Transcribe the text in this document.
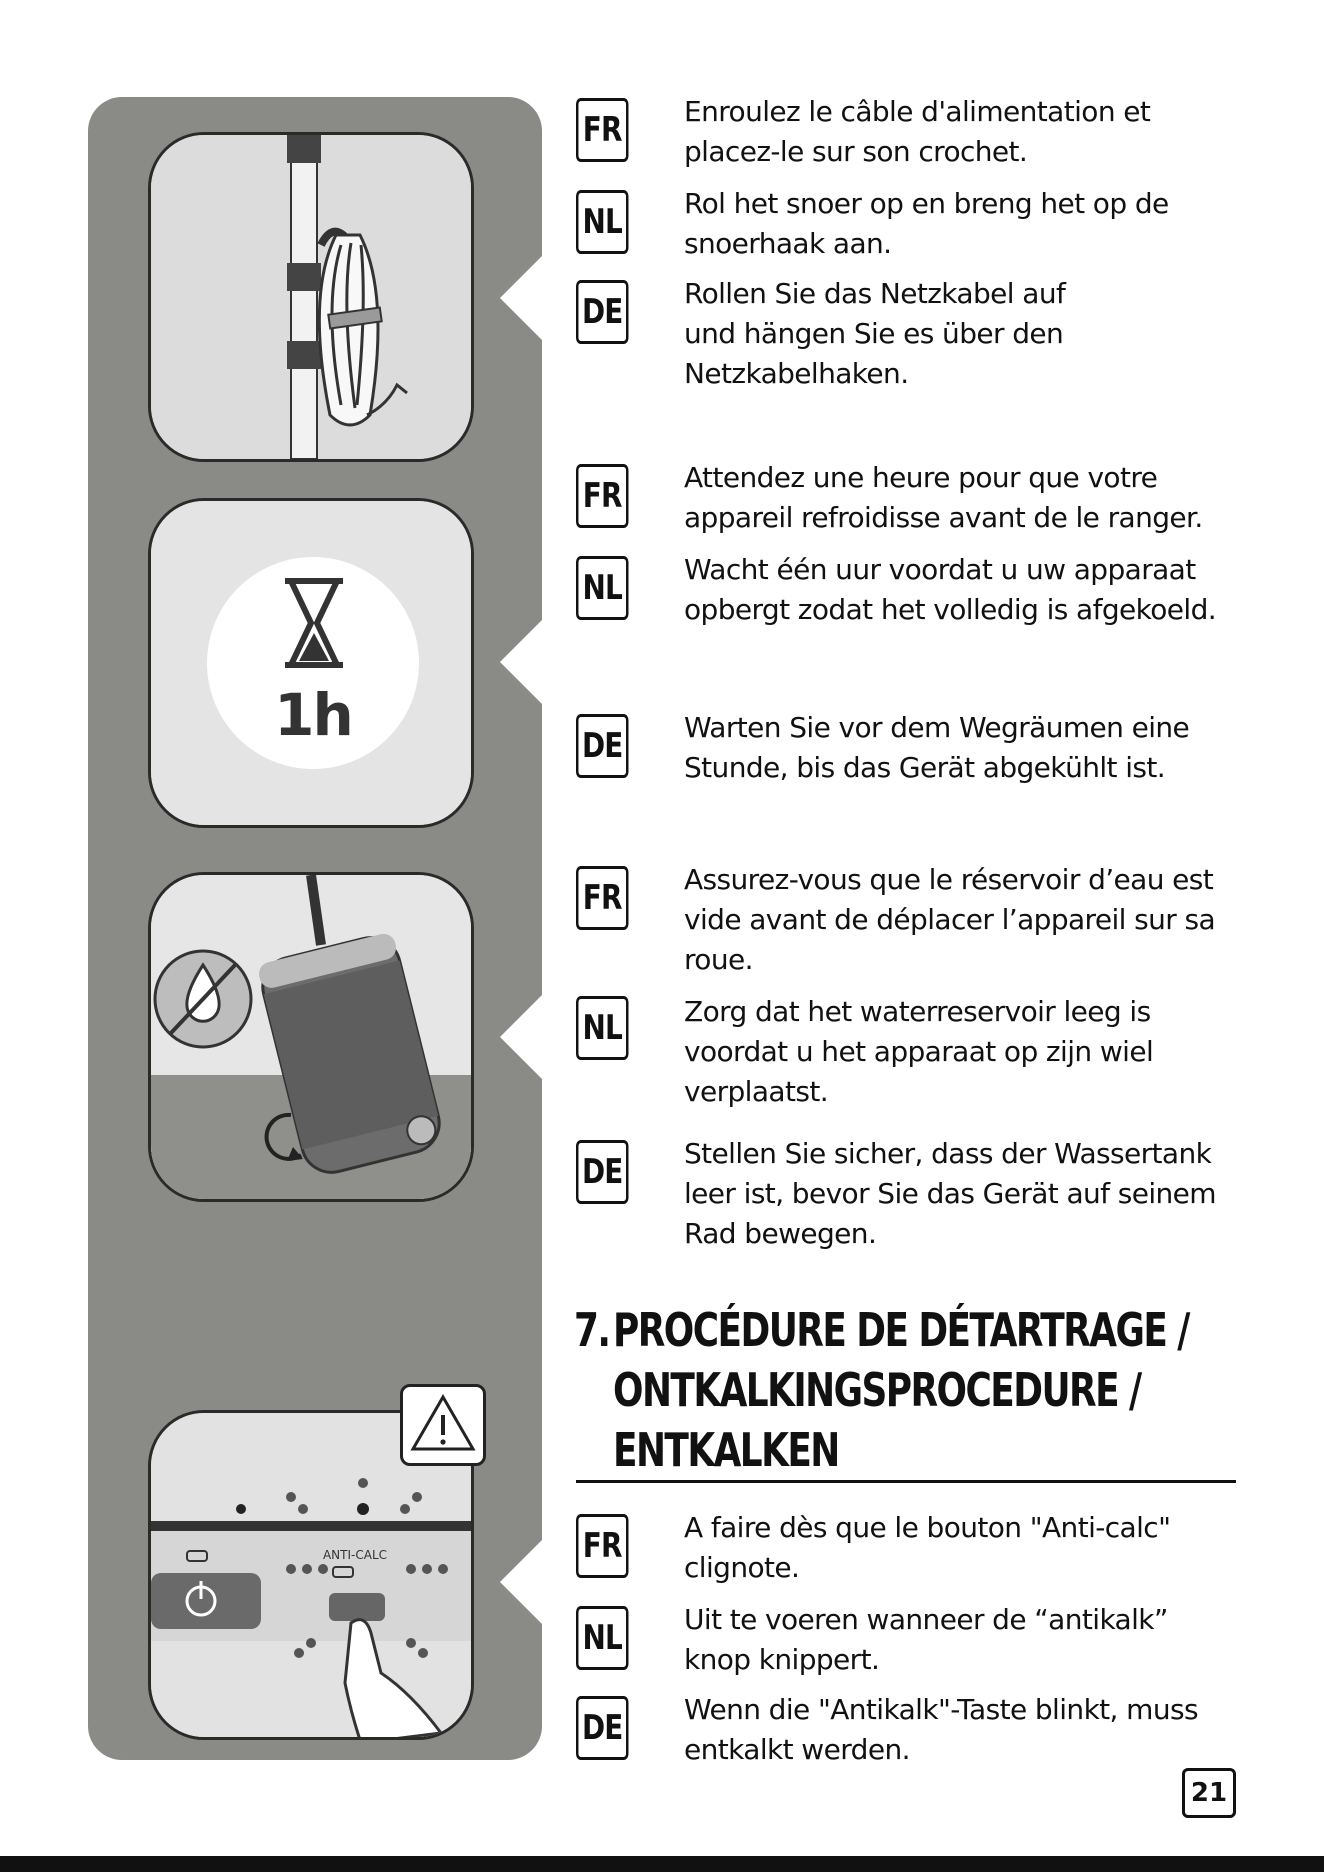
1h
ANTI-CALC
FR Enroulez le câble d'alimentation et placez-le sur son crochet.
NL Rol het snoer op en breng het op de snoerhaak aan.
DE Rollen Sie das Netzkabel auf und hängen Sie es über den Netzkabelhaken.
FR Attendez une heure pour que votre appareil refroidisse avant de le ranger.
NL Wacht één uur voordat u uw apparaat opbergt zodat het volledig is afgekoeld.
DE Warten Sie vor dem Wegräumen eine Stunde, bis das Gerät abgekühlt ist.
FR Assurez-vous que le réservoir d’eau est vide avant de déplacer l’appareil sur sa roue.
NL Zorg dat het waterreservoir leeg is voordat u het apparaat op zijn wiel verplaatst.
DE Stellen Sie sicher, dass der Wassertank leer ist, bevor Sie das Gerät auf seinem Rad bewegen.
7. PROCÉDURE DE DÉTARTRAGE /
ONTKALKINGSPROCEDURE /
ENTKALKEN
FR A faire dès que le bouton "Anti-calc" clignote.
NL Uit te voeren wanneer de “antikalk” knop knippert.
DE Wenn die "Antikalk"-Taste blinkt, muss entkalkt werden.
21
